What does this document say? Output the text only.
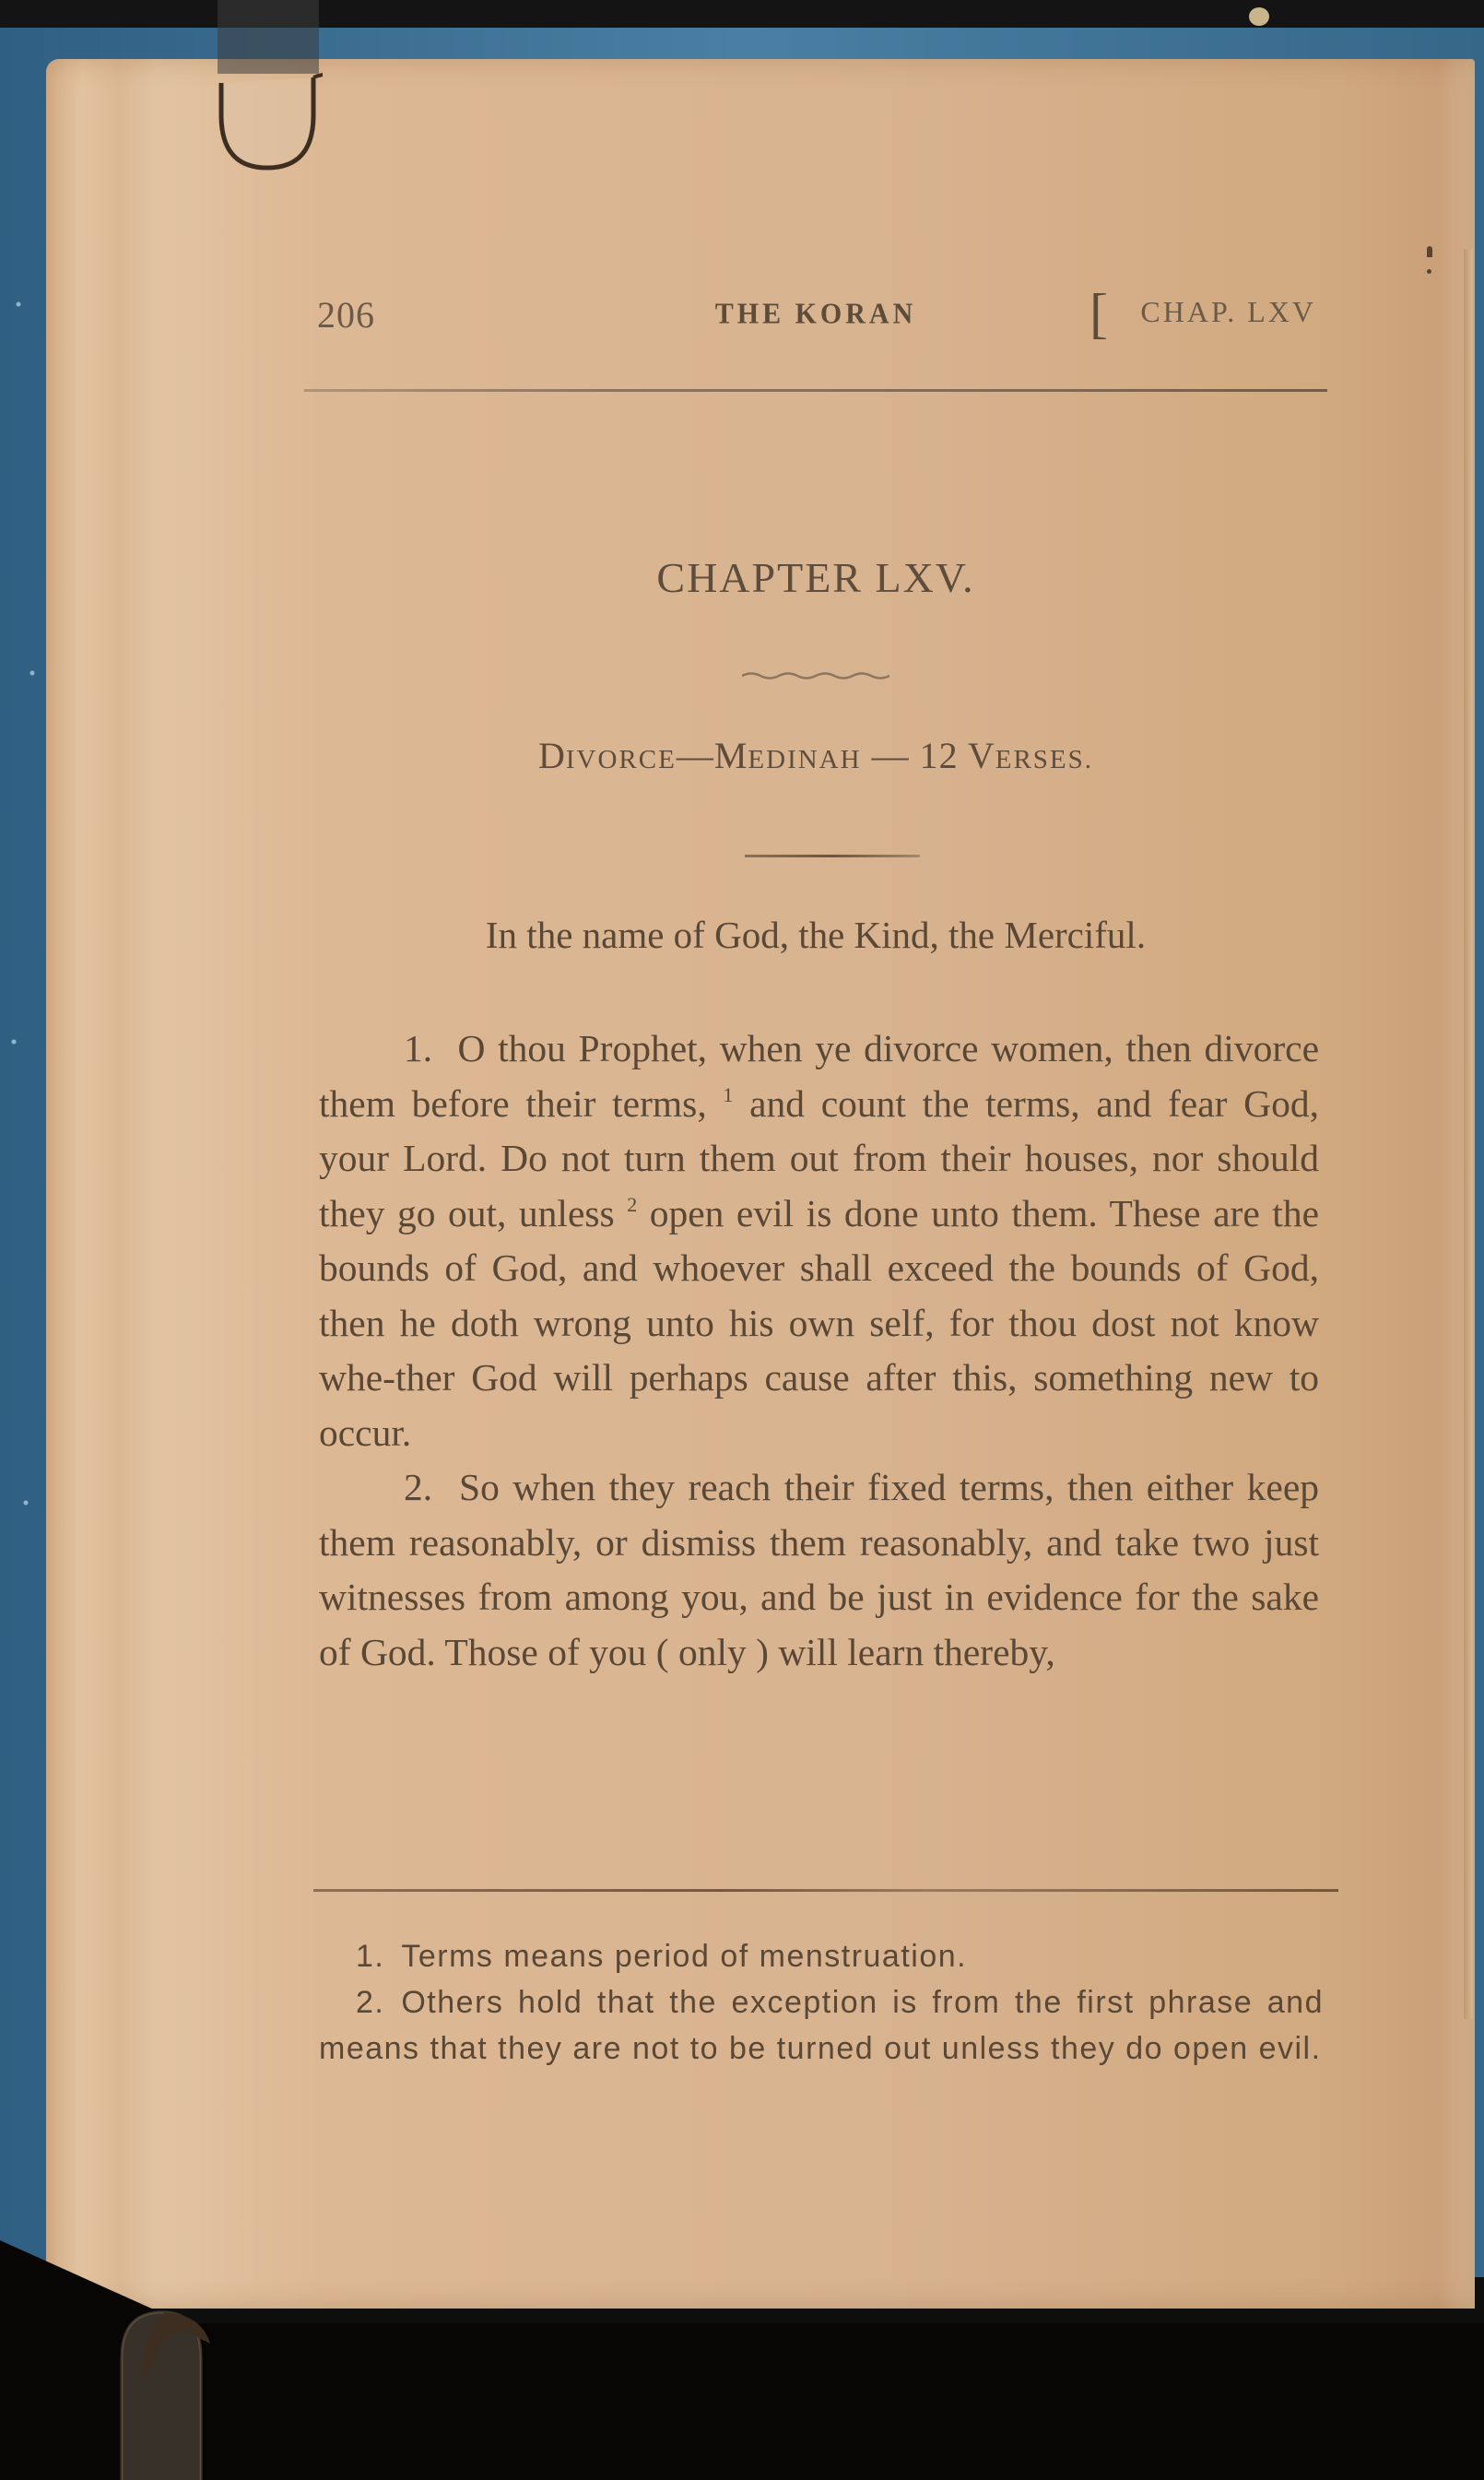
206	THE KORAN	[ CHAP. LXV
CHAPTER LXV.
DIVORCE—MEDINAH — 12 VERSES.
In the name of God, the Kind, the Merciful.

1. O thou Prophet, when ye divorce women, then divorce them before their terms, $^1$ and count the terms, and fear God, your Lord. Do not turn them out from their houses, nor should they go out, unless $^2$ open evil is done unto them. These are the bounds of God, and whoever shall exceed the bounds of God, then he doth wrong unto his own self, for thou dost not know whe-ther God will perhaps cause after this, something new to occur.

2. So when they reach their fixed terms, then either keep them reasonably, or dismiss them reasonably, and take two just witnesses from among you, and be just in evidence for the sake of God. Those of you ( only ) will learn thereby,

1. Terms means period of menstruation.

2. Others hold that the exception is from the first phrase and means that they are not to be turned out unless they do open evil.
